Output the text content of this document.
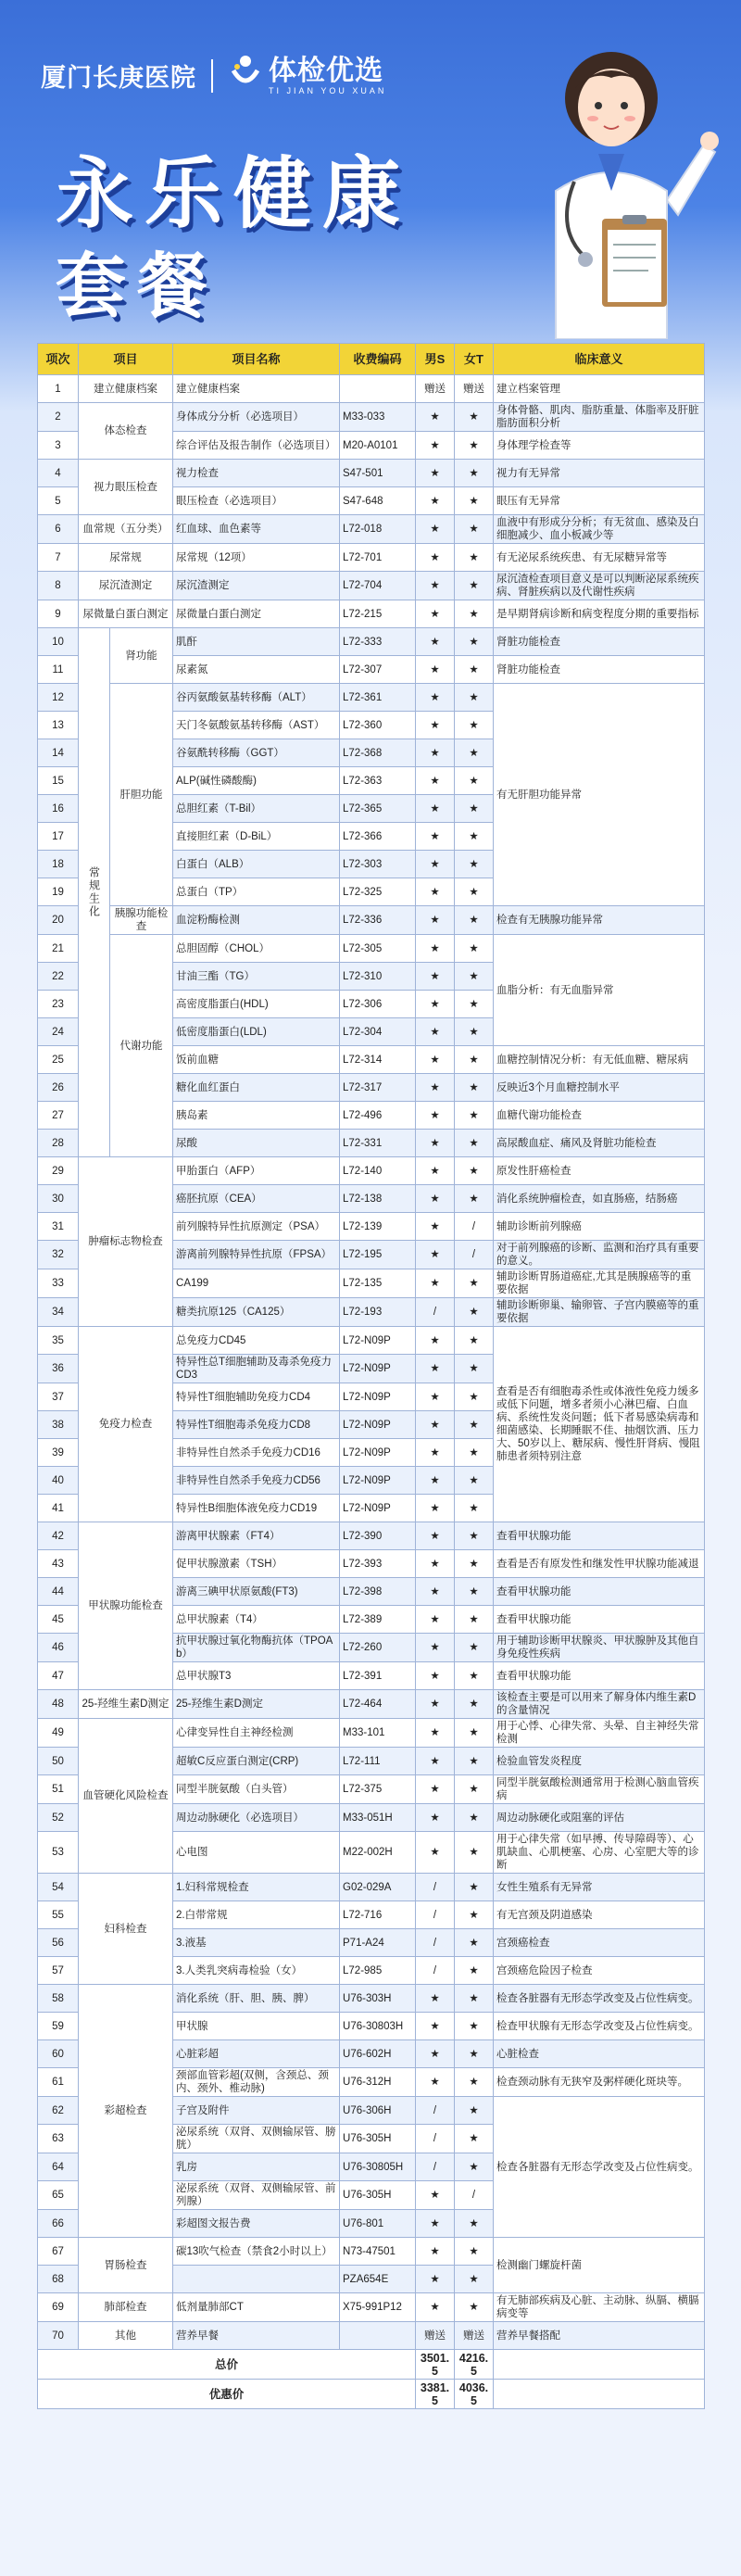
厦门长庚医院	体检优选
TI JIAN YOU XUAN
永乐健康
套餐
项次	项目		项目名称	收费编码	男S	女T	临床意义
1	建立健康档案		建立健康档案		赠送	赠送	建立档案管理
2	体态检查		身体成分分析（必选项目）	M33-033	★	★	身体骨骼、肌肉、脂肪重量、体脂率及肝脏脂肪面积分析
3			综合评估及报告制作（必选项目）	M20-A0101	★	★	身体理学检查等
4	视力眼压检查		视力检查	S47-501	★	★	视力有无异常
5			眼压检查（必选项目）	S47-648	★	★	眼压有无异常
6	血常规（五分类）		红血球、血色素等	L72-018	★	★	血液中有形成分分析；有无贫血、感染及白细胞减少、血小板减少等
7	尿常规		尿常规（12项）	L72-701	★	★	有无泌尿系统疾患、有无尿糖异常等
8	尿沉渣测定		尿沉渣测定	L72-704	★	★	尿沉渣检查项目意义是可以判断泌尿系统疾病、肾脏疾病以及代谢性疾病
9	尿微量白蛋白测定		尿微量白蛋白测定	L72-215	★	★	是早期肾病诊断和病变程度分期的重要指标
10	常规生化	肾功能	肌酐	L72-333	★	★	肾脏功能检查
11			尿素氮	L72-307	★	★	肾脏功能检查
12		肝胆功能	谷丙氨酸氨基转移酶（ALT）	L72-361	★	★	有无肝胆功能异常
13			天门冬氨酸氨基转移酶（AST）	L72-360	★	★	
14			谷氨酰转移酶（GGT）	L72-368	★	★	
15			ALP(碱性磷酸酶)	L72-363	★	★	
16			总胆红素（T-Bil）	L72-365	★	★	
17			直接胆红素（D-BiL）	L72-366	★	★	
18			白蛋白（ALB）	L72-303	★	★	
19			总蛋白（TP）	L72-325	★	★	
20		胰腺功能检查	血淀粉酶检测	L72-336	★	★	检查有无胰腺功能异常
21		代谢功能	总胆固醇（CHOL）	L72-305	★	★	血脂分析：有无血脂异常
22			甘油三酯（TG）	L72-310	★	★	
23			高密度脂蛋白(HDL)	L72-306	★	★	
24			低密度脂蛋白(LDL)	L72-304	★	★	
25			饭前血糖	L72-314	★	★	血糖控制情况分析：有无低血糖、糖尿病
26			糖化血红蛋白	L72-317	★	★	反映近3个月血糖控制水平
27			胰岛素	L72-496	★	★	血糖代谢功能检查
28			尿酸	L72-331	★	★	高尿酸血症、痛风及肾脏功能检查
29	肿瘤标志物检查		甲胎蛋白（AFP）	L72-140	★	★	原发性肝癌检查
30			癌胚抗原（CEA）	L72-138	★	★	消化系统肿瘤检查，如直肠癌，结肠癌
31			前列腺特异性抗原测定（PSA）	L72-139	★	/	辅助诊断前列腺癌
32			游离前列腺特异性抗原（FPSA）	L72-195	★	/	对于前列腺癌的诊断、监测和治疗具有重要的意义。
33			CA199	L72-135	★	★	辅助诊断胃肠道癌症,尤其是胰腺癌等的重要依据
34			糖类抗原125（CA125）	L72-193	/	★	辅助诊断卵巢、输卵管、子宫内膜癌等的重要依据
35	免疫力检查		总免疫力CD45	L72-N09P	★	★	查看是否有细胞毒杀性或体液性免疫力缓多或低下问题，增多者须小心淋巴瘤、白血病、系统性发炎问题；低下者易感染病毒和细菌感染、长期睡眠不佳、抽烟饮酒、压力大、50岁以上、糖尿病、慢性肝肾病、慢阻肺患者须特别注意
36			特异性总T细胞辅助及毒杀免疫力CD3	L72-N09P	★	★	
37			特异性T细胞辅助免疫力CD4	L72-N09P	★	★	
38			特异性T细胞毒杀免疫力CD8	L72-N09P	★	★	
39			非特异性自然杀手免疫力CD16	L72-N09P	★	★	
40			非特异性自然杀手免疫力CD56	L72-N09P	★	★	
41			特异性B细胞体液免疫力CD19	L72-N09P	★	★	
42	甲状腺功能检查		游离甲状腺素（FT4）	L72-390	★	★	查看甲状腺功能
43			促甲状腺激素（TSH）	L72-393	★	★	查看是否有原发性和继发性甲状腺功能减退
44			游离三碘甲状原氨酸(FT3)	L72-398	★	★	查看甲状腺功能
45			总甲状腺素（T4）	L72-389	★	★	查看甲状腺功能
46			抗甲状腺过氧化物酶抗体（TPOAb）	L72-260	★	★	用于辅助诊断甲状腺炎、甲状腺肿及其他自身免疫性疾病
47			总甲状腺T3	L72-391	★	★	查看甲状腺功能
48	25-羟维生素D测定		25-羟维生素D测定	L72-464	★	★	该检查主要是可以用来了解身体内维生素D的含量情况
49	血管硬化风险检查		心律变异性自主神经检测	M33-101	★	★	用于心悸、心律失常、头晕、自主神经失常检测
50			超敏C反应蛋白测定(CRP)	L72-111	★	★	检验血管发炎程度
51			同型半胱氨酸（白头管）	L72-375	★	★	同型半胱氨酸检测通常用于检测心脑血管疾病
52			周边动脉硬化（必选项目）	M33-051H	★	★	周边动脉硬化或阻塞的评估
53			心电图	M22-002H	★	★	用于心律失常（如早搏、传导障碍等）、心肌缺血、心肌梗塞、心房、心室肥大等的诊断
54	妇科检查		1.妇科常规检查	G02-029A	/	★	女性生殖系有无异常
55			2.白带常规	L72-716	/	★	有无宫颈及阴道感染
56			3.液基	P71-A24	/	★	宫颈癌检查
57			3.人类乳突病毒检验（女）	L72-985	/	★	宫颈癌危险因子检查
58	彩超检查		消化系统（肝、胆、胰、脾）	U76-303H	★	★	检查各脏器有无形态学改变及占位性病变。
59			甲状腺	U76-30803H	★	★	检查甲状腺有无形态学改变及占位性病变。
60			心脏彩超	U76-602H	★	★	心脏检查
61			颈部血管彩超(双侧，含颈总、颈内、颈外、椎动脉)	U76-312H	★	★	检查颈动脉有无狭窄及粥样硬化斑块等。
62			子宫及附件	U76-306H	/	★	检查各脏器有无形态学改变及占位性病变。
63			泌尿系统（双肾、双侧输尿管、膀胱）	U76-305H	/	★	
64			乳房	U76-30805H	/	★	
65			泌尿系统（双肾、双侧输尿管、前列腺）	U76-305H	★	/	
66			彩超图文报告费	U76-801	★	★	
67	胃肠检查		碳13吹气检查（禁食2小时以上）	N73-47501	★	★	检测幽门螺旋杆菌
68				PZA654E	★	★	
69	肺部检查		低剂量肺部CT	X75-991P12	★	★	有无肺部疾病及心脏、主动脉、纵膈、横膈病变等
70	其他		营养早餐		赠送	赠送	营养早餐搭配
总价					3501.5	4216.5	
优惠价					3381.5	4036.5	
